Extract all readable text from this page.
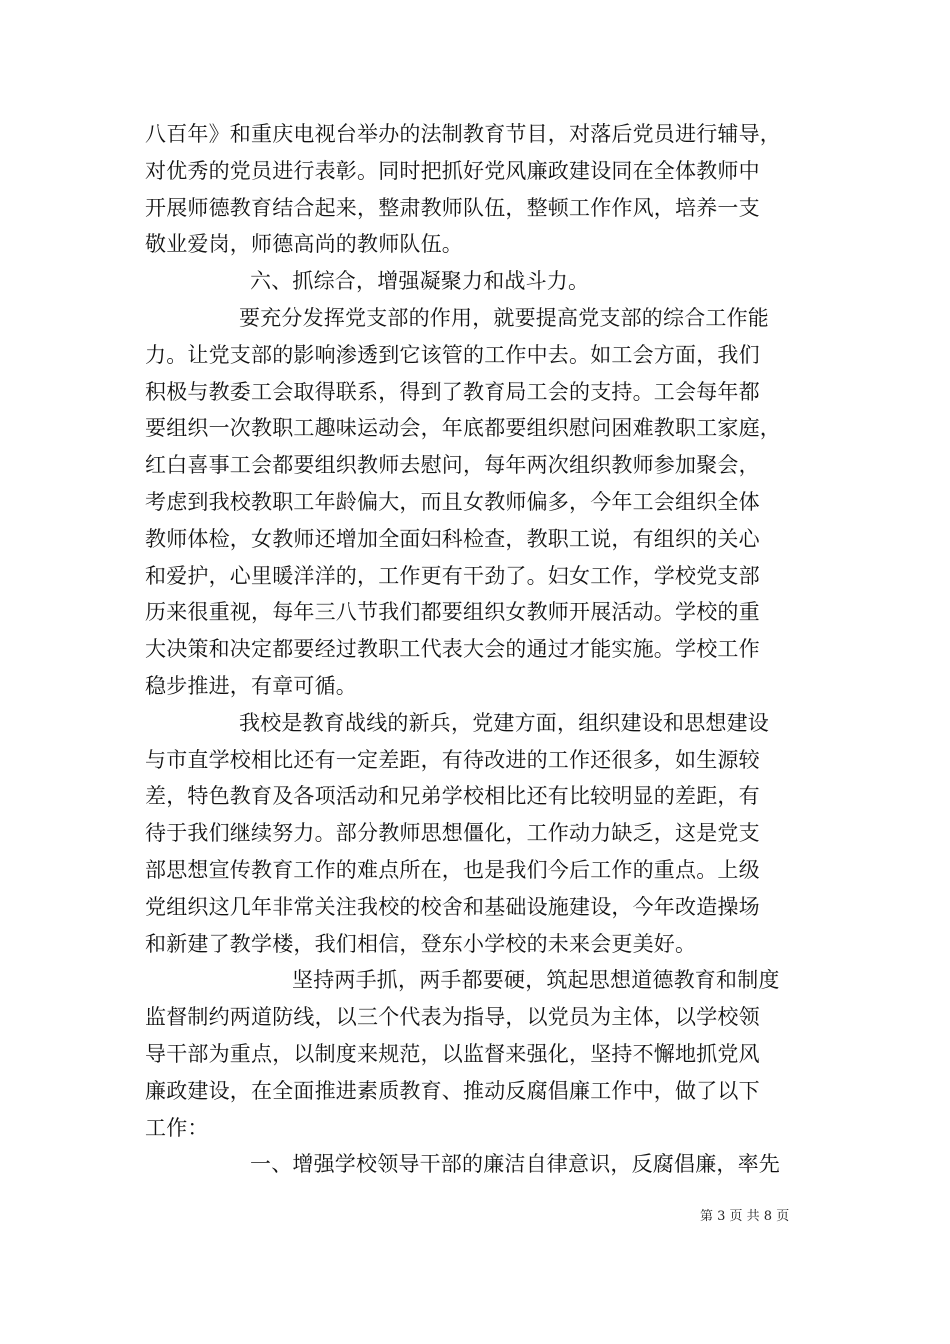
八百年》和重庆电视台举办的法制教育节目，对落后党员进行辅导，
对优秀的党员进行表彰。同时把抓好党风廉政建设同在全体教师中
开展师德教育结合起来，整肃教师队伍，整顿工作作风，培养一支
敬业爱岗，师德高尚的教师队伍。
六、抓综合，增强凝聚力和战斗力。
要充分发挥党支部的作用，就要提高党支部的综合工作能
力。让党支部的影响渗透到它该管的工作中去。如工会方面，我们
积极与教委工会取得联系，得到了教育局工会的支持。工会每年都
要组织一次教职工趣味运动会，年底都要组织慰问困难教职工家庭，
红白喜事工会都要组织教师去慰问，每年两次组织教师参加聚会，
考虑到我校教职工年龄偏大，而且女教师偏多，今年工会组织全体
教师体检，女教师还增加全面妇科检查，教职工说，有组织的关心
和爱护，心里暖洋洋的，工作更有干劲了。妇女工作，学校党支部
历来很重视，每年三八节我们都要组织女教师开展活动。学校的重
大决策和决定都要经过教职工代表大会的通过才能实施。学校工作
稳步推进，有章可循。
我校是教育战线的新兵，党建方面，组织建设和思想建设
与市直学校相比还有一定差距，有待改进的工作还很多，如生源较
差，特色教育及各项活动和兄弟学校相比还有比较明显的差距，有
待于我们继续努力。部分教师思想僵化，工作动力缺乏，这是党支
部思想宣传教育工作的难点所在，也是我们今后工作的重点。上级
党组织这几年非常关注我校的校舍和基础设施建设，今年改造操场
和新建了教学楼，我们相信，登东小学校的未来会更美好。
坚持两手抓，两手都要硬，筑起思想道德教育和制度
监督制约两道防线，以三个代表为指导，以党员为主体，以学校领
导干部为重点，以制度来规范，以监督来强化，坚持不懈地抓党风
廉政建设，在全面推进素质教育、推动反腐倡廉工作中，做了以下
工作：
一、增强学校领导干部的廉洁自律意识，反腐倡廉，率先
第 3 页 共 8 页
